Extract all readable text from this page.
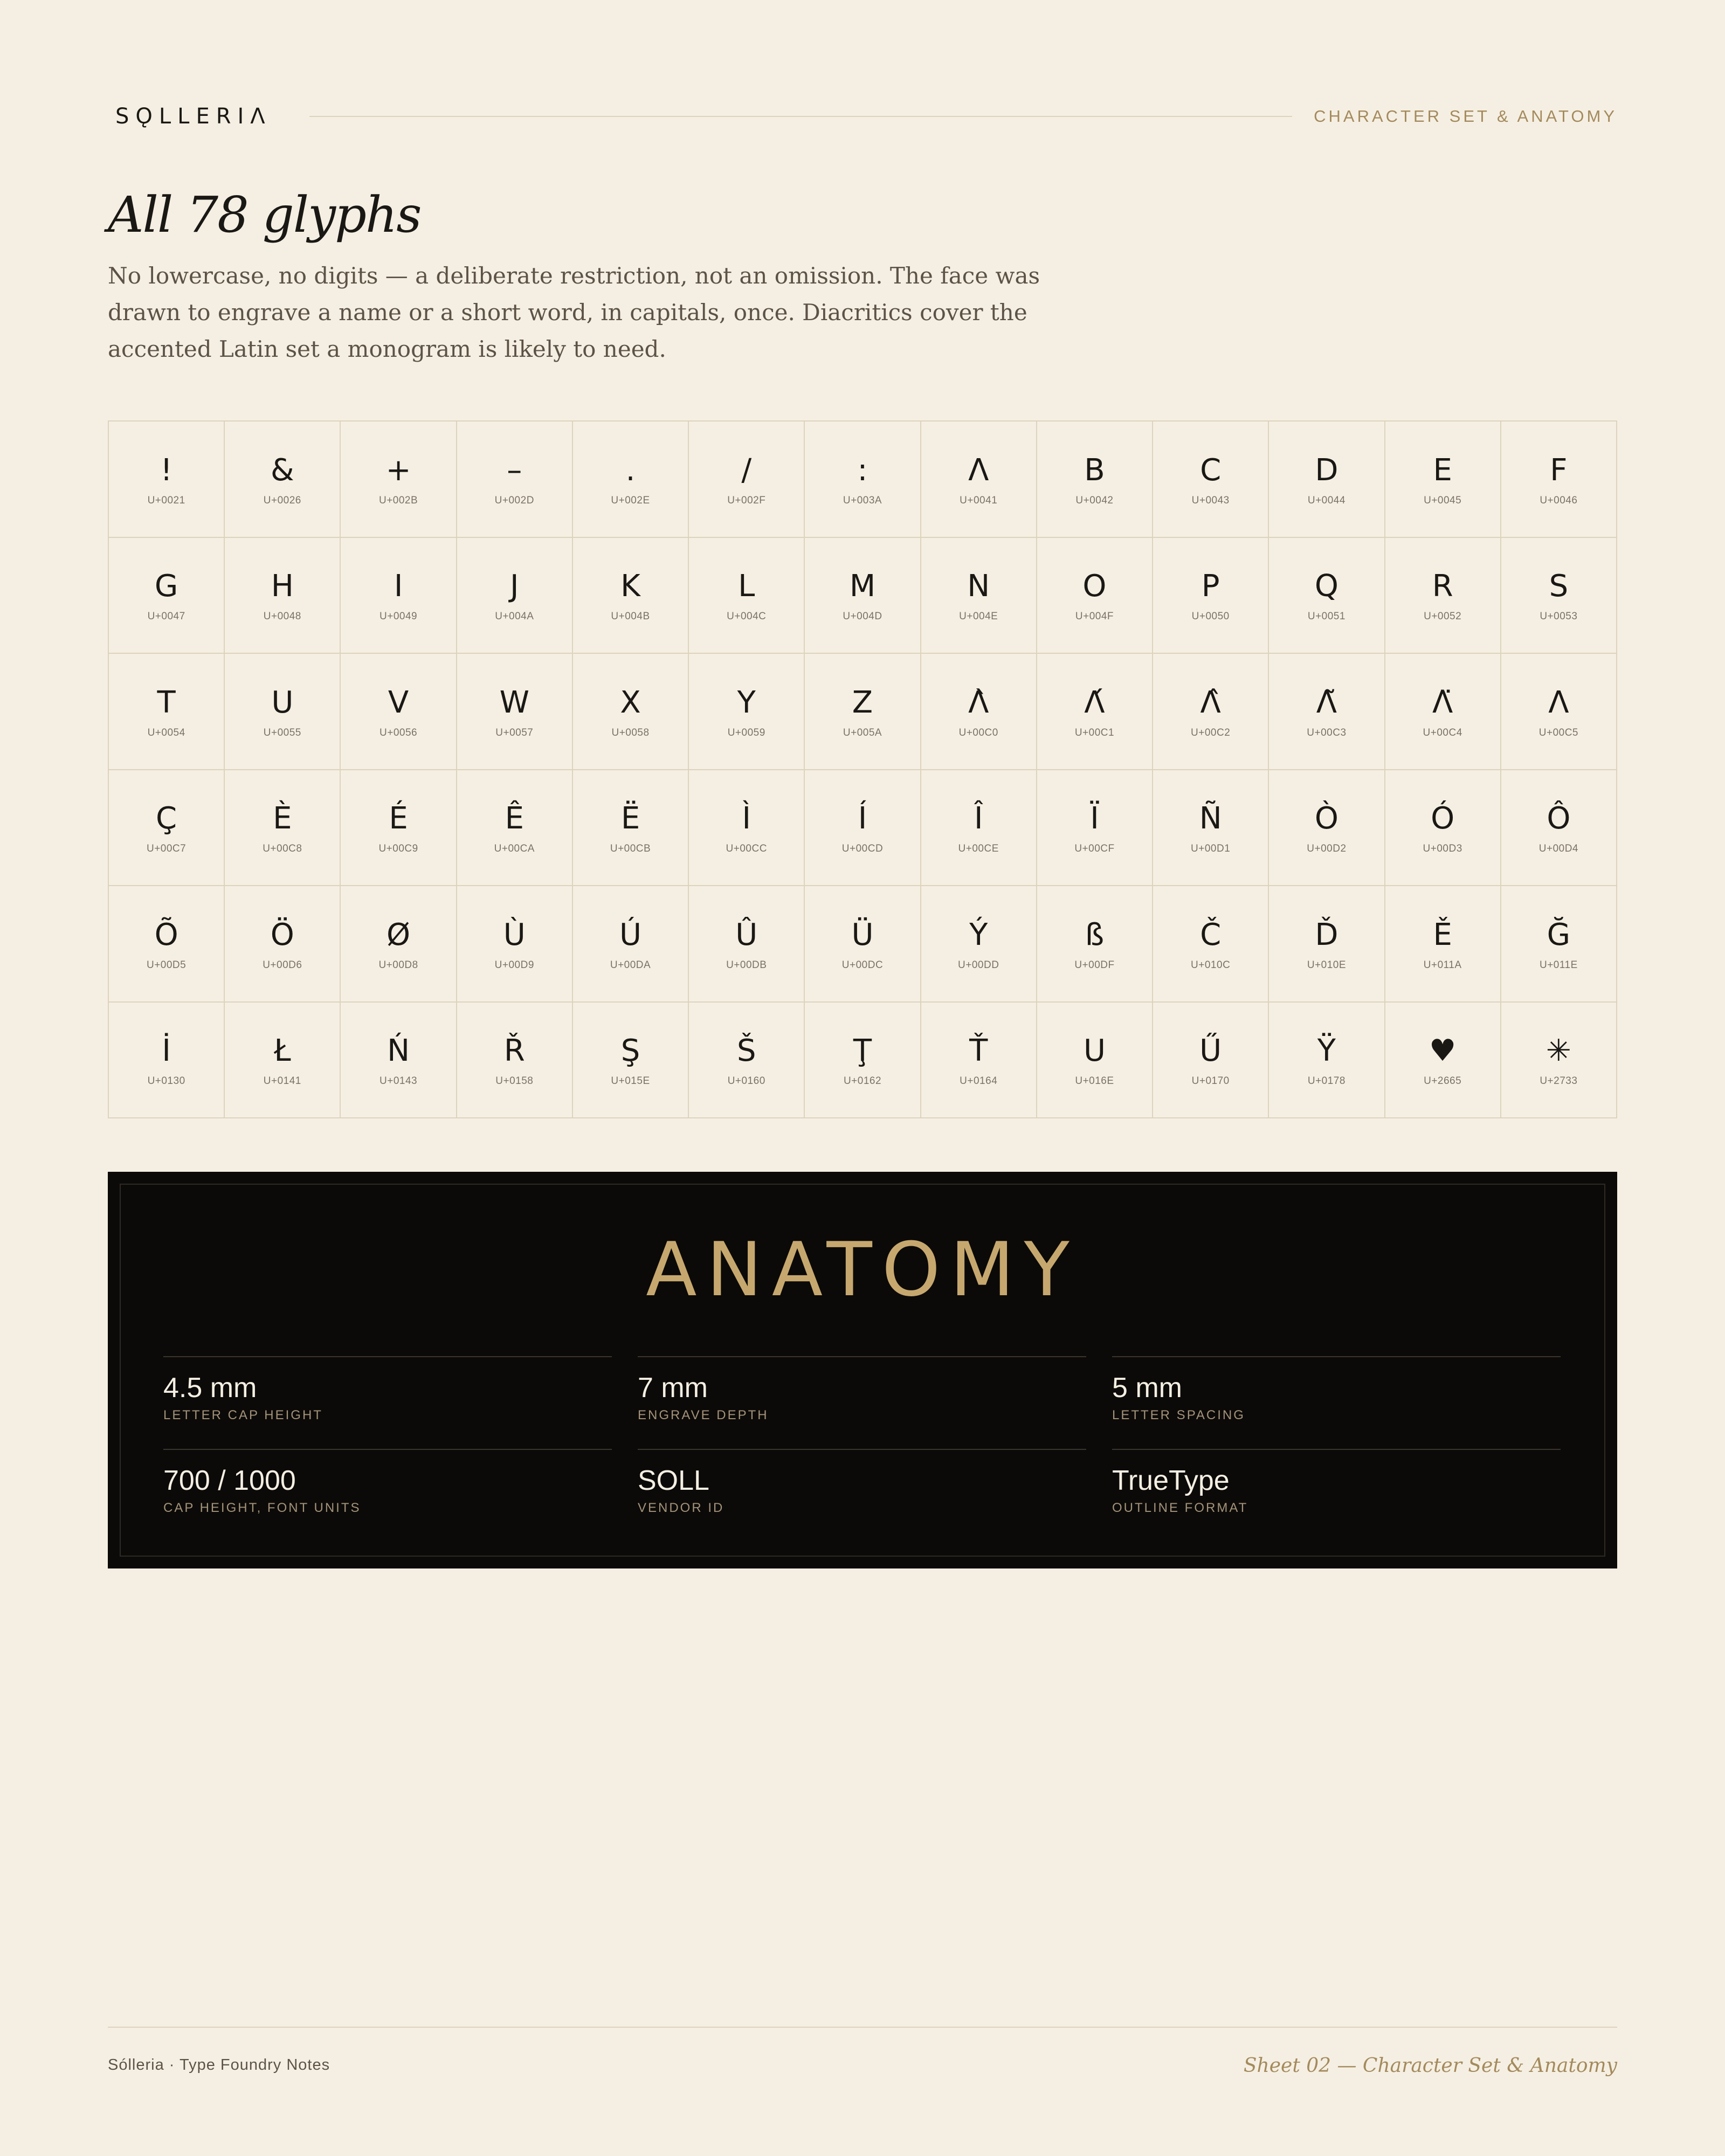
SǪLLERIΛ	CHARACTER SET & ANATOMY
All 78 glyphs

No lowercase, no digits — a deliberate restriction, not an omission. The face was drawn to engrave a name or a short word, in capitals, once. Diacritics cover the accented Latin set a monogram is likely to need.

!
U+0021
&
U+0026
+
U+002B
–
U+002D
.
U+002E
/
U+002F
:
U+003A
Λ
U+0041
B
U+0042
C
U+0043
D
U+0044
E
U+0045
F
U+0046
G
U+0047
H
U+0048
I
U+0049
J
U+004A
K
U+004B
L
U+004C
M
U+004D
N
U+004E
O
U+004F
P
U+0050
Q
U+0051
R
U+0052
S
U+0053
T
U+0054
U
U+0055
V
U+0056
W
U+0057
X
U+0058
Y
U+0059
Z
U+005A
Λ̀
U+00C0
Λ́
U+00C1
Λ̂
U+00C2
Λ̃
U+00C3
Λ̈
U+00C4
Λ
U+00C5
Ç
U+00C7
È
U+00C8
É
U+00C9
Ê
U+00CA
Ë
U+00CB
Ì
U+00CC
Í
U+00CD
Î
U+00CE
Ï
U+00CF
Ñ
U+00D1
Ò
U+00D2
Ó
U+00D3
Ô
U+00D4
Õ
U+00D5
Ö
U+00D6
Ø
U+00D8
Ù
U+00D9
Ú
U+00DA
Û
U+00DB
Ü
U+00DC
Ý
U+00DD
ß
U+00DF
Č
U+010C
Ď
U+010E
Ě
U+011A
Ğ
U+011E
İ
U+0130
Ł
U+0141
Ń
U+0143
Ř
U+0158
Ş
U+015E
Š
U+0160
Ţ
U+0162
Ť
U+0164
U
U+016E
Ű
U+0170
Ÿ
U+0178
♥
U+2665
✳
U+2733
ANATOMY
4.5 mm
LETTER CAP HEIGHT
7 mm
ENGRAVE DEPTH
5 mm
LETTER SPACING
700 / 1000
CAP HEIGHT, FONT UNITS
SOLL
VENDOR ID
TrueType
OUTLINE FORMAT
Sólleria · Type Foundry Notes	Sheet 02 — Character Set & Anatomy
